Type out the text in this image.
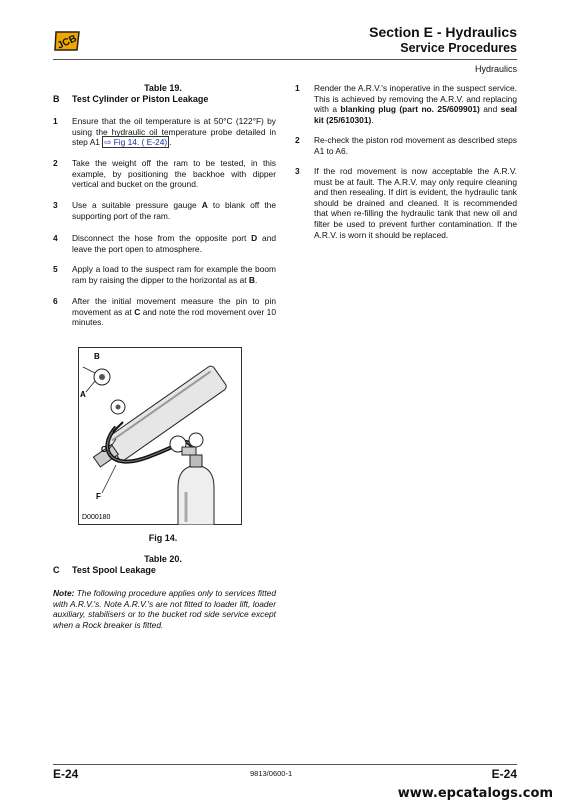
JCB
Section E - Hydraulics
Service Procedures
Hydraulics
Table 19.
B Test Cylinder or Piston Leakage
1 Ensure that the oil temperature is at 50°C (122°F) by using the hydraulic oil temperature probe detailed in step A1 ⇨ Fig 14. ( E-24) .
2 Take the weight off the ram to be tested, in this example, by positioning the backhoe with dipper vertical and bucket on the ground.
3 Use a suitable pressure gauge A to blank off the supporting port of the ram.
4 Disconnect the hose from the opposite port D and leave the port open to atmosphere.
5 Apply a load to the suspect ram for example the boom ram by raising the dipper to the horizontal as at B.
6 After the initial movement measure the pin to pin movement as at C and note the rod movement over 10 minutes.
B
A
C
F
D000180
Fig 14.
Table 20.
C Test Spool Leakage
Note: The following procedure applies only to services fitted with A.R.V.'s. Note A.R.V.'s are not fitted to loader lift, loader auxiliary, stabilisers or to the bucket rod side service except when a Rock breaker is fitted.
1 Render the A.R.V.'s inoperative in the suspect service. This is achieved by removing the A.R.V. and replacing with a blanking plug (part no. 25/609901) and seal kit (25/610301).
2 Re-check the piston rod movement as described steps A1 to A6.
3 If the rod movement is now acceptable the A.R.V. must be at fault. The A.R.V. may only require cleaning and then resealing. If dirt is evident, the hydraulic tank should be drained and cleaned. It is recommended that when re-filling the hydraulic tank that new oil and filter be used to prevent further contamination. If the A.R.V. is worn it should be replaced.
E-24	9813/0600-1	E-24
www.epcatalogs.com
